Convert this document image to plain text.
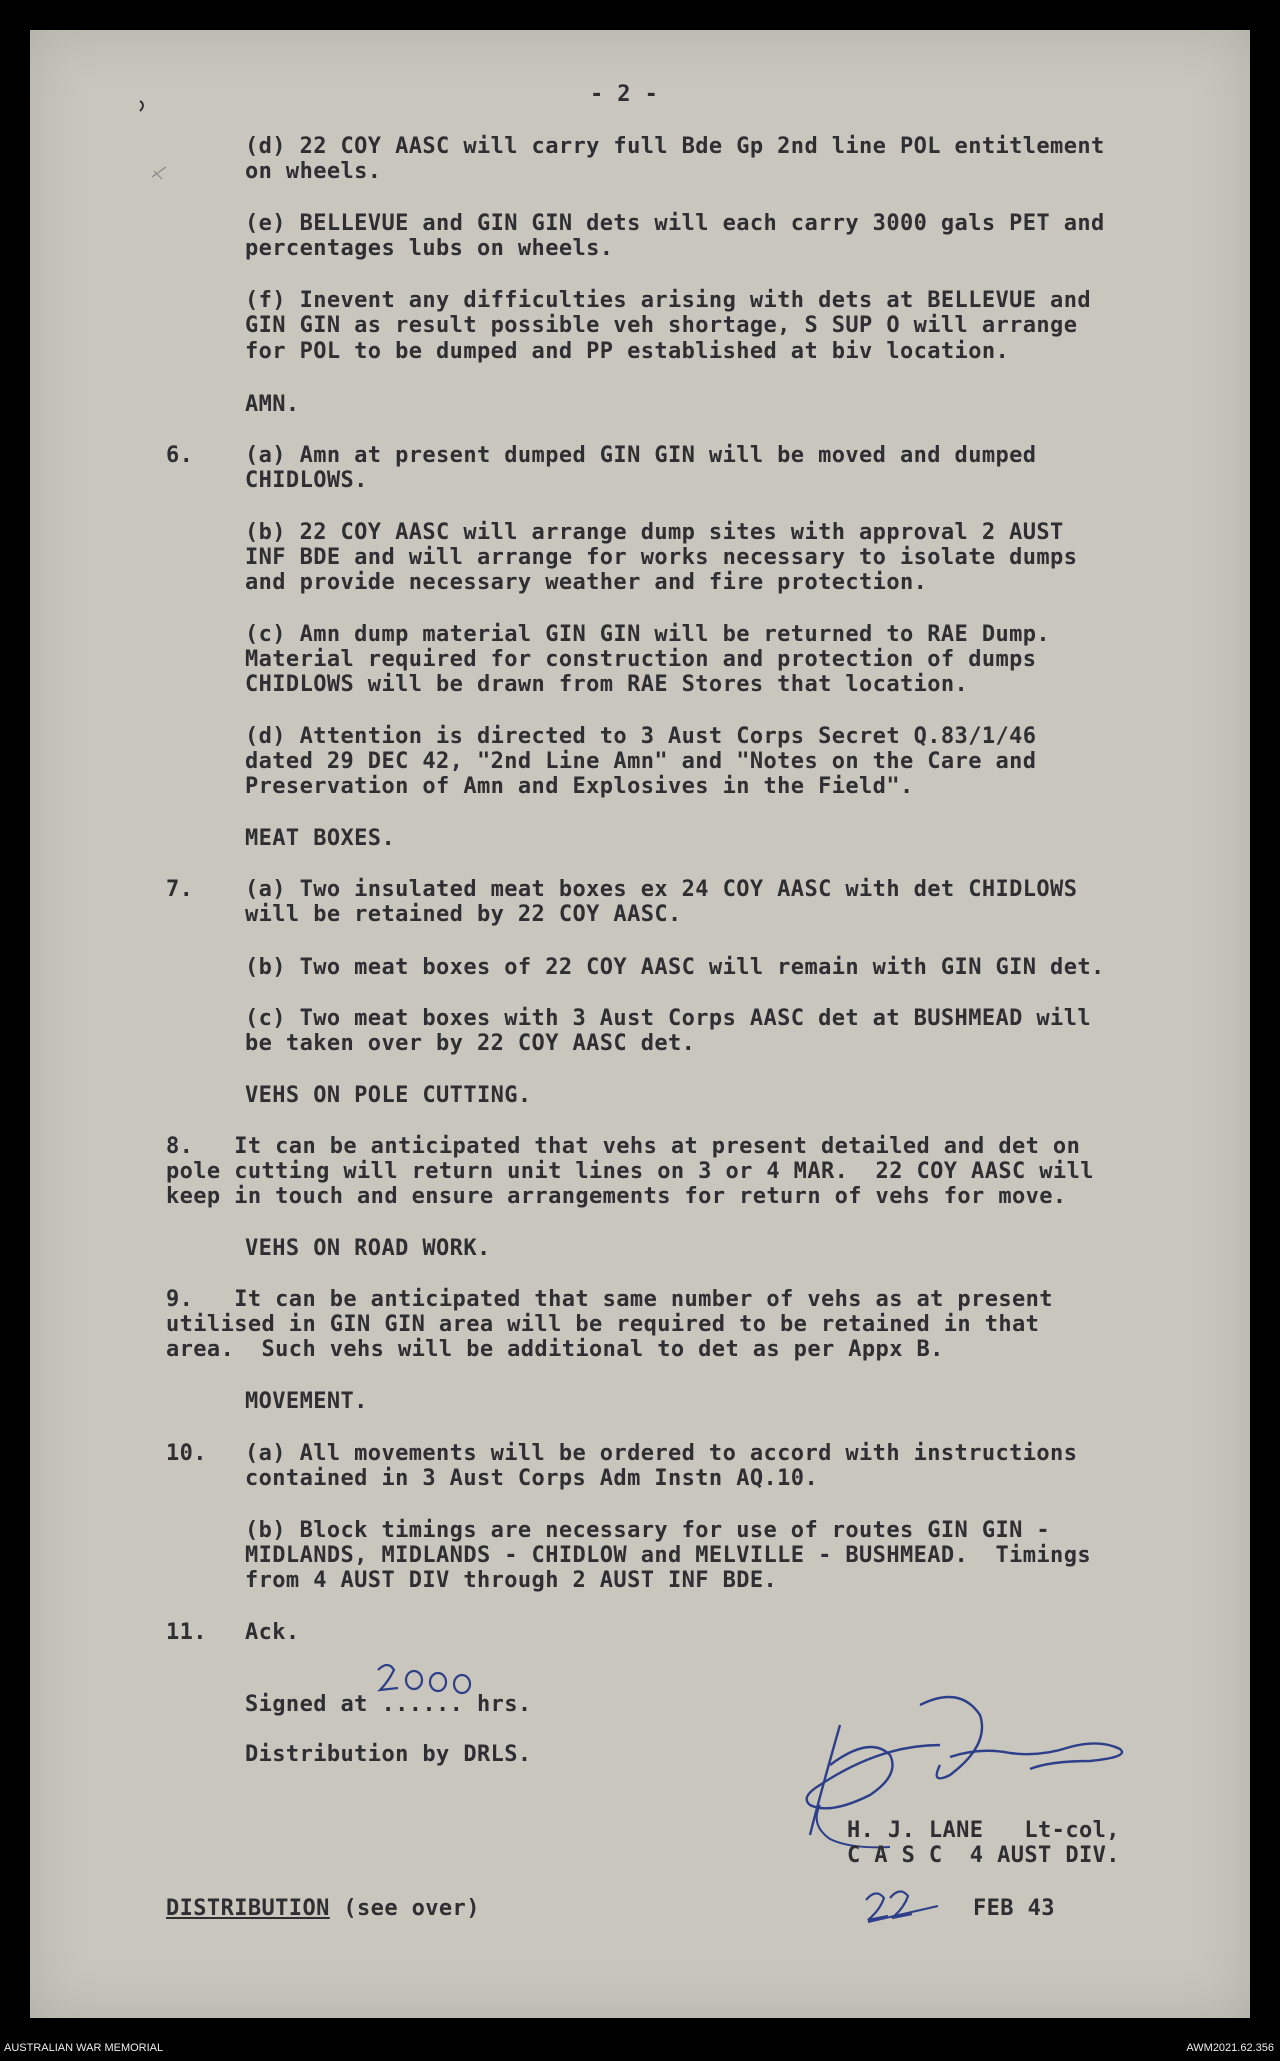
- 2 -
(d) 22 COY AASC will carry full Bde Gp 2nd line POL entitlement
on wheels.
(e) BELLEVUE and GIN GIN dets will each carry 3000 gals PET and
percentages lubs on wheels.
(f) Inevent any difficulties arising with dets at BELLEVUE and
GIN GIN as result possible veh shortage, S SUP O will arrange
for POL to be dumped and PP established at biv location.
AMN.
6. (a) Amn at present dumped GIN GIN will be moved and dumped
CHIDLOWS.
(b) 22 COY AASC will arrange dump sites with approval 2 AUST
INF BDE and will arrange for works necessary to isolate dumps
and provide necessary weather and fire protection.
(c) Amn dump material GIN GIN will be returned to RAE Dump.
Material required for construction and protection of dumps
CHIDLOWS will be drawn from RAE Stores that location.
(d) Attention is directed to 3 Aust Corps Secret Q.83/1/46
dated 29 DEC 42, "2nd Line Amn" and "Notes on the Care and
Preservation of Amn and Explosives in the Field".
MEAT BOXES.
7. (a) Two insulated meat boxes ex 24 COY AASC with det CHIDLOWS
will be retained by 22 COY AASC.
(b) Two meat boxes of 22 COY AASC will remain with GIN GIN det.
(c) Two meat boxes with 3 Aust Corps AASC det at BUSHMEAD will
be taken over by 22 COY AASC det.
VEHS ON POLE CUTTING.
8.   It can be anticipated that vehs at present detailed and det on
pole cutting will return unit lines on 3 or 4 MAR.  22 COY AASC will
keep in touch and ensure arrangements for return of vehs for move.
VEHS ON ROAD WORK.
9.   It can be anticipated that same number of vehs as at present
utilised in GIN GIN area will be required to be retained in that
area.  Such vehs will be additional to det as per Appx B.
MOVEMENT.
10. (a) All movements will be ordered to accord with instructions
contained in 3 Aust Corps Adm Instn AQ.10.
(b) Block timings are necessary for use of routes GIN GIN -
MIDLANDS, MIDLANDS - CHIDLOW and MELVILLE - BUSHMEAD.  Timings
from 4 AUST DIV through 2 AUST INF BDE.
11. Ack.
Signed at ...... hrs.
Distribution by DRLS.
H. J. LANE   Lt-col,
C A S C  4 AUST DIV.
DISTRIBUTION (see over)	FEB 43
AUSTRALIAN WAR MEMORIAL	AWM2021.62.356
